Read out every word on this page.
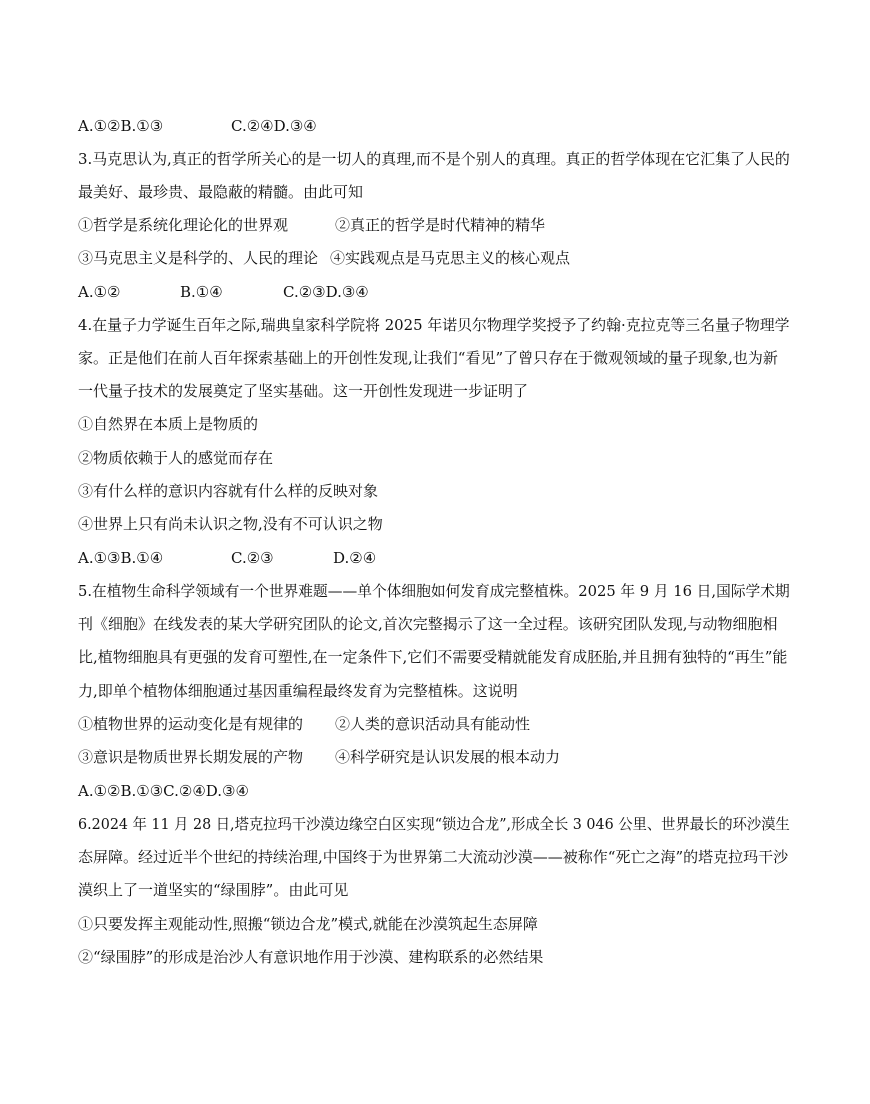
A.①②B.①③	C.②④D.③④
3.马克思认为,真正的哲学所关心的是一切人的真理,而不是个别人的真理。真正的哲学体现在它汇集了人民的
最美好、最珍贵、最隐蔽的精髓。由此可知
①哲学是系统化理论化的世界观	②真正的哲学是时代精神的精华
③马克思主义是科学的、人民的理论 ④实践观点是马克思主义的核心观点
A.①②	B.①④	C.②③D.③④
4.在量子力学诞生百年之际,瑞典皇家科学院将 2025 年诺贝尔物理学奖授予了约翰·克拉克等三名量子物理学
家。正是他们在前人百年探索基础上的开创性发现,让我们“看见”了曾只存在于微观领域的量子现象,也为新
一代量子技术的发展奠定了坚实基础。这一开创性发现进一步证明了
①自然界在本质上是物质的
②物质依赖于人的感觉而存在
③有什么样的意识内容就有什么样的反映对象
④世界上只有尚未认识之物,没有不可认识之物
A.①③B.①④	C.②③	D.②④
5.在植物生命科学领域有一个世界难题——单个体细胞如何发育成完整植株。2025 年 9 月 16 日,国际学术期
刊《细胞》在线发表的某大学研究团队的论文,首次完整揭示了这一全过程。该研究团队发现,与动物细胞相
比,植物细胞具有更强的发育可塑性,在一定条件下,它们不需要受精就能发育成胚胎,并且拥有独特的“再生”能
力,即单个植物体细胞通过基因重编程最终发育为完整植株。这说明
①植物世界的运动变化是有规律的 ②人类的意识活动具有能动性
③意识是物质世界长期发展的产物 ④科学研究是认识发展的根本动力
A.①②B.①③C.②④D.③④
6.2024 年 11 月 28 日,塔克拉玛干沙漠边缘空白区实现“锁边合龙”,形成全长 3 046 公里、世界最长的环沙漠生
态屏障。经过近半个世纪的持续治理,中国终于为世界第二大流动沙漠——被称作“死亡之海”的塔克拉玛干沙
漠织上了一道坚实的“绿围脖”。由此可见
①只要发挥主观能动性,照搬“锁边合龙”模式,就能在沙漠筑起生态屏障
②“绿围脖”的形成是治沙人有意识地作用于沙漠、建构联系的必然结果
